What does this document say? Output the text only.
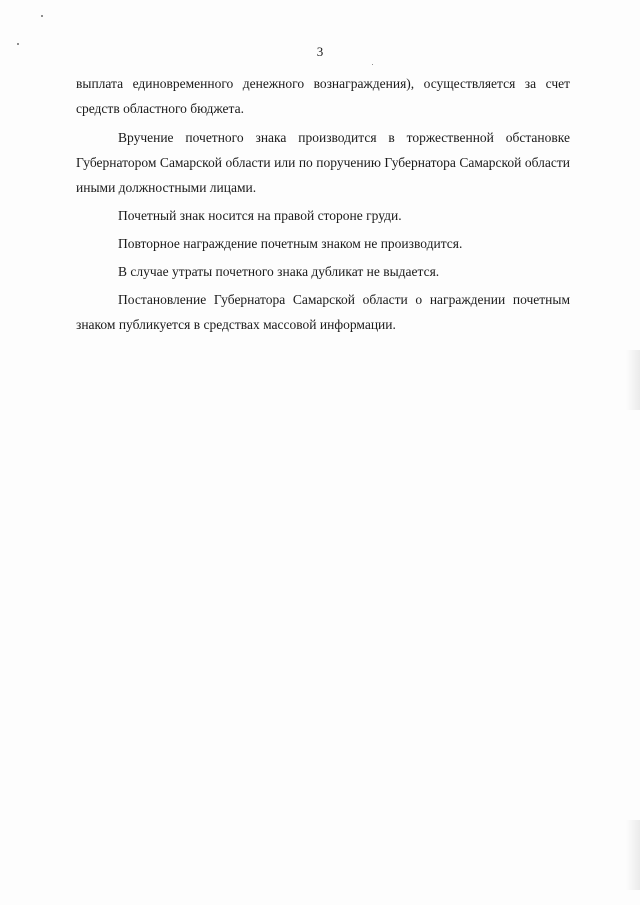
3

выплата единовременного денежного вознаграждения), осуществляется за счет средств областного бюджета.

Вручение почетного знака производится в торжественной обстановке Губернатором Самарской области или по поручению Губернатора Самарской области иными должностными лицами.

Почетный знак носится на правой стороне груди.

Повторное награждение почетным знаком не производится.

В случае утраты почетного знака дубликат не выдается.

Постановление Губернатора Самарской области о награждении почетным знаком публикуется в средствах массовой информации.
